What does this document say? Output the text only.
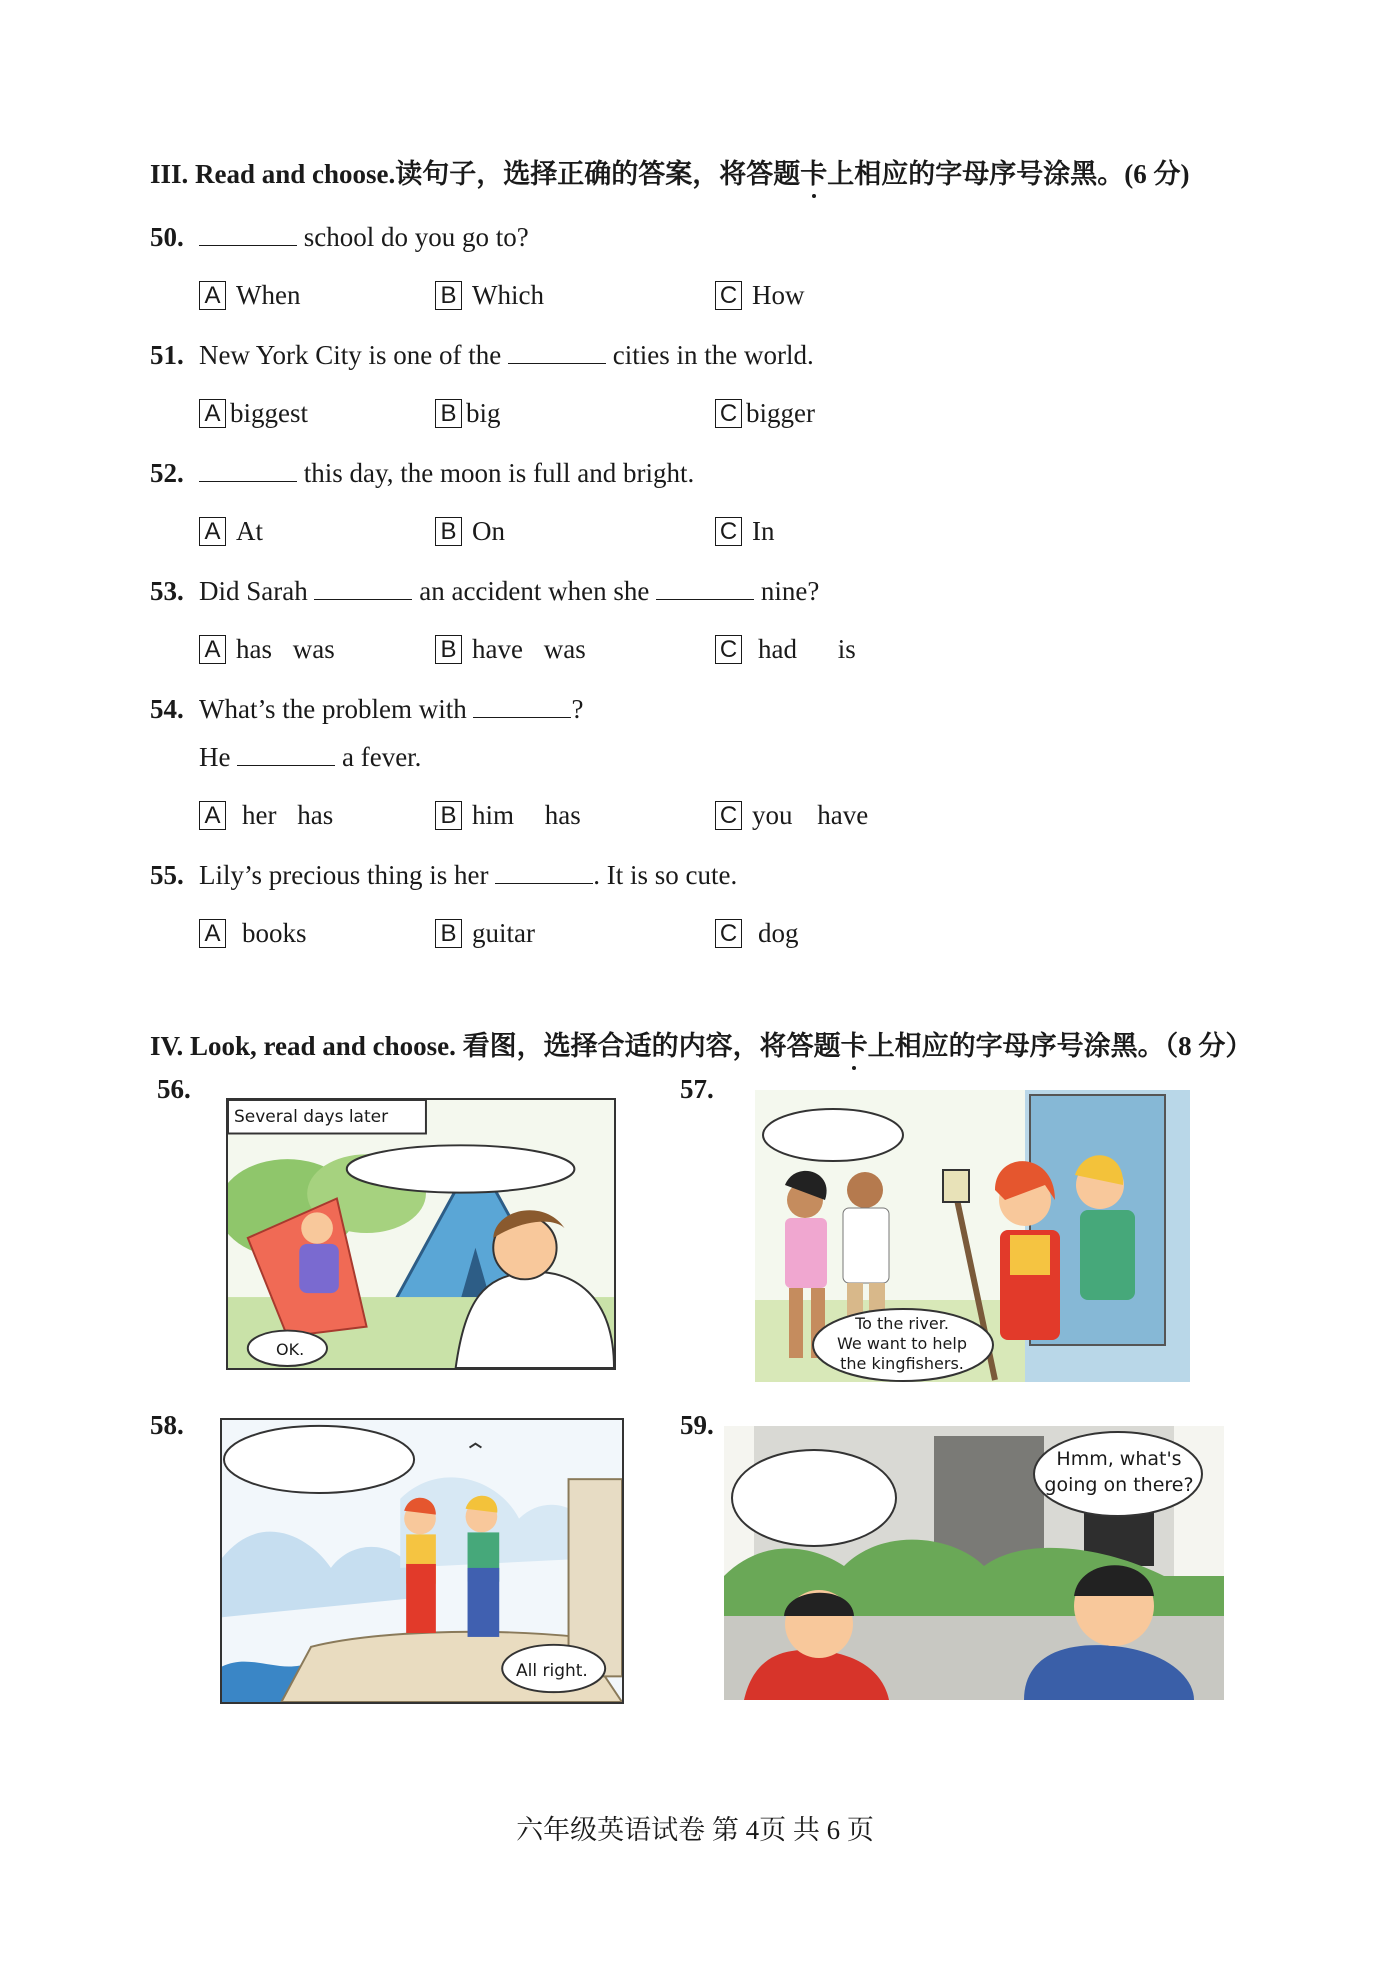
III. Read and choose.读句子，选择正确的答案，将答题卡上相应的字母序号涂黑。(6 分)
50.	school do you go to?
A When	B Which	C How
51. New York City is one of the	cities in the world.
A biggest	B big	C bigger
52.	this day, the moon is full and bright.
A At	B On	C In
53. Did Sarah	an accident when she	nine?
A has was	B have was	C had is
54. What’s the problem with	?
He	a fever.
A her has	B him has	C you have
55. Lily’s precious thing is her	. It is so cute.
A books	B guitar	C dog
IV. Look, read and choose. 看图，选择合适的内容，将答题卡上相应的字母序号涂黑。（8 分）
56.
Several days later
OK.
57.
To the river.
We want to help
the kingfishers.
58.
All right.
59.
Hmm, what's
going on there?
六年级英语试卷 第 4页 共 6 页
